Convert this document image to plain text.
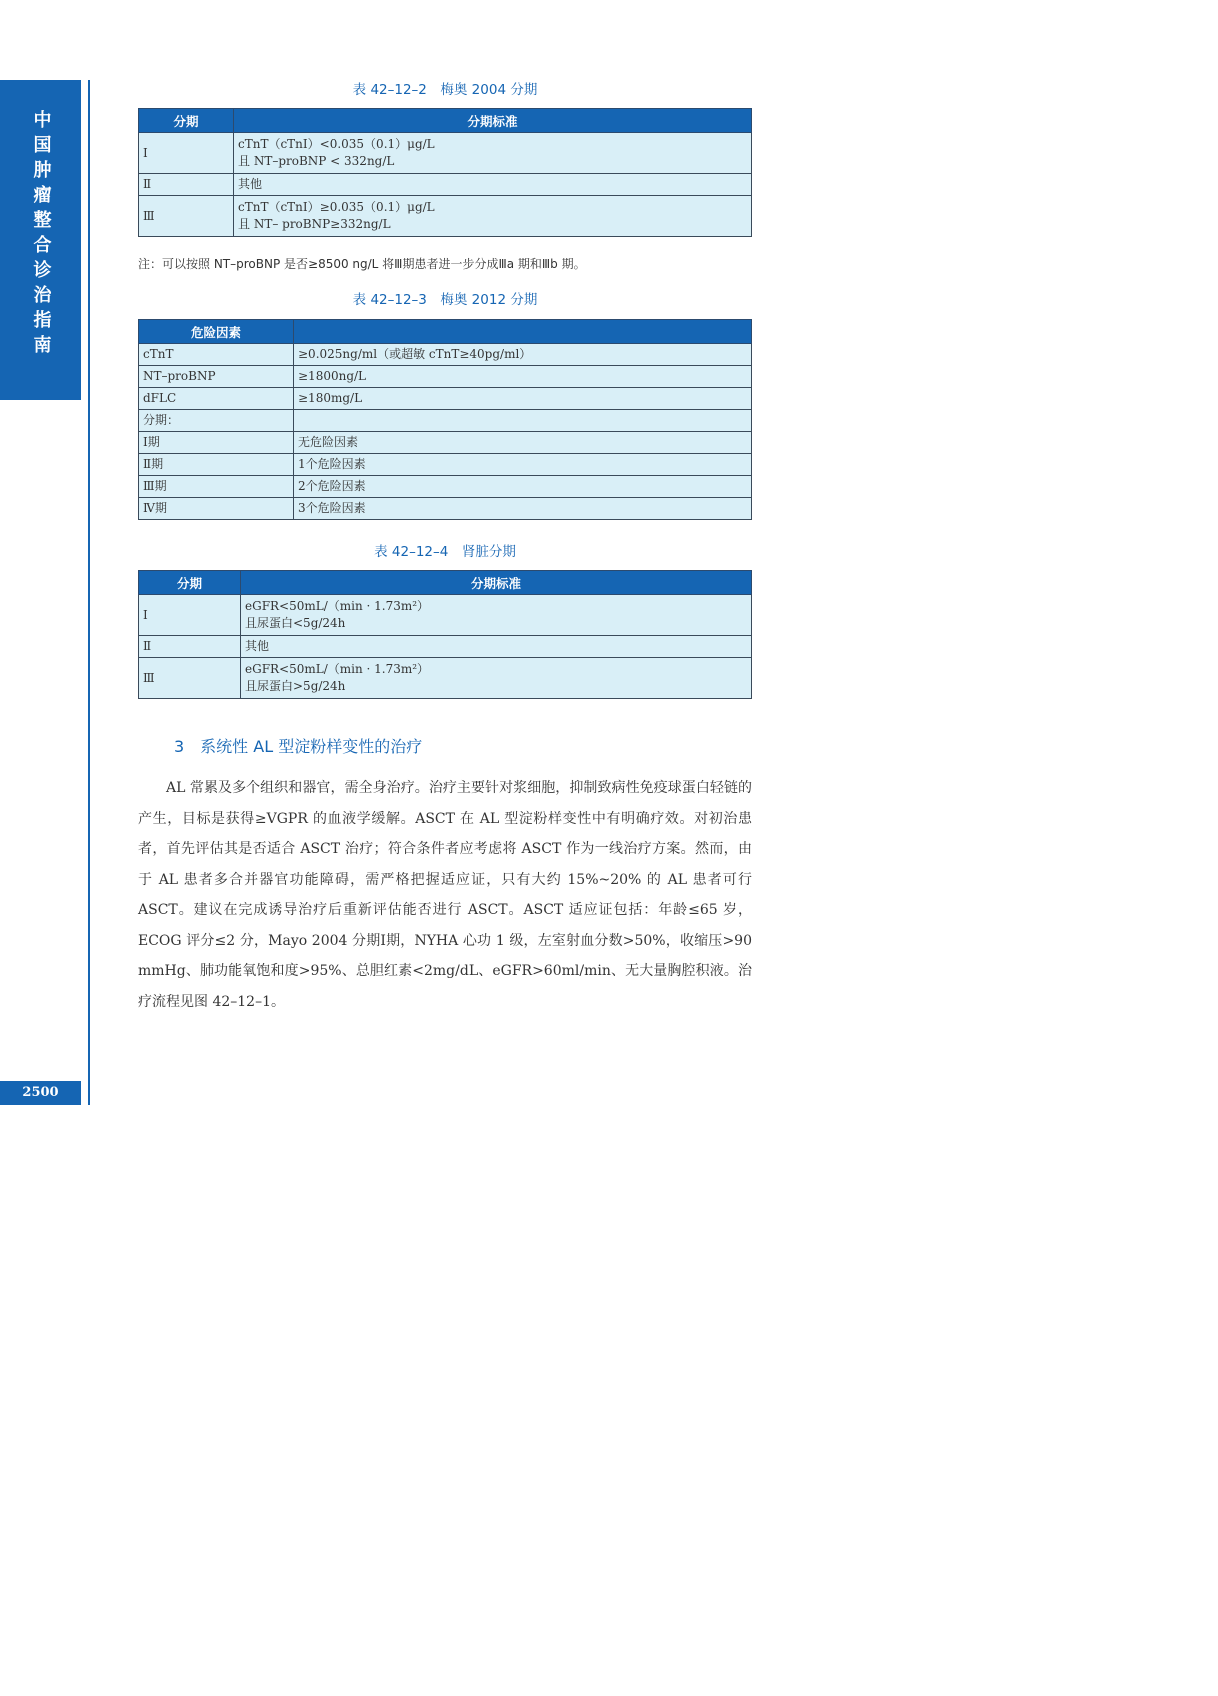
中国肿瘤整合诊治指南
2500
表 42–12–2　梅奥 2004 分期
分期	分期标准
Ⅰ	cTnT（cTnI）<0.035（0.1）μg/L
且 NT–proBNP < 332ng/L

Ⅱ	其他

Ⅲ	cTnT（cTnI）≥0.035（0.1）μg/L
且 NT– proBNP≥332ng/L
注：可以按照 NT–proBNP 是否≥8500 ng/L 将Ⅲ期患者进一步分成Ⅲa 期和Ⅲb 期。
表 42–12–3　梅奥 2012 分期
危险因素	
cTnT	≥0.025ng/ml（或超敏 cTnT≥40pg/ml）
NT–proBNP	≥1800ng/L
dFLC	≥180mg/L
分期：	
Ⅰ期	无危险因素
Ⅱ期	1个危险因素
Ⅲ期	2个危险因素
Ⅳ期	3个危险因素
表 42–12–4　肾脏分期
分期	分期标准
Ⅰ	eGFR<50mL/（min · 1.73m²）
且尿蛋白<5g/24h

Ⅱ	其他

Ⅲ	eGFR<50mL/（min · 1.73m²）
且尿蛋白>5g/24h
3　系统性 AL 型淀粉样变性的治疗
AL 常累及多个组织和器官，需全身治疗。治疗主要针对浆细胞，抑制致病性免疫球蛋白轻链的产生，目标是获得≥VGPR 的血液学缓解。ASCT 在 AL 型淀粉样变性中有明确疗效。对初治患者，首先评估其是否适合 ASCT 治疗；符合条件者应考虑将 ASCT 作为一线治疗方案。然而，由于 AL 患者多合并器官功能障碍，需严格把握适应证，只有大约 15%~20% 的 AL 患者可行 ASCT。建议在完成诱导治疗后重新评估能否进行 ASCT。ASCT 适应证包括：年龄≤65 岁，ECOG 评分≤2 分，Mayo 2004 分期Ⅰ期，NYHA 心功 1 级，左室射血分数>50%，收缩压>90 mmHg、肺功能氧饱和度>95%、总胆红素<2mg/dL、eGFR>60ml/min、无大量胸腔积液。治疗流程见图 42–12–1。
